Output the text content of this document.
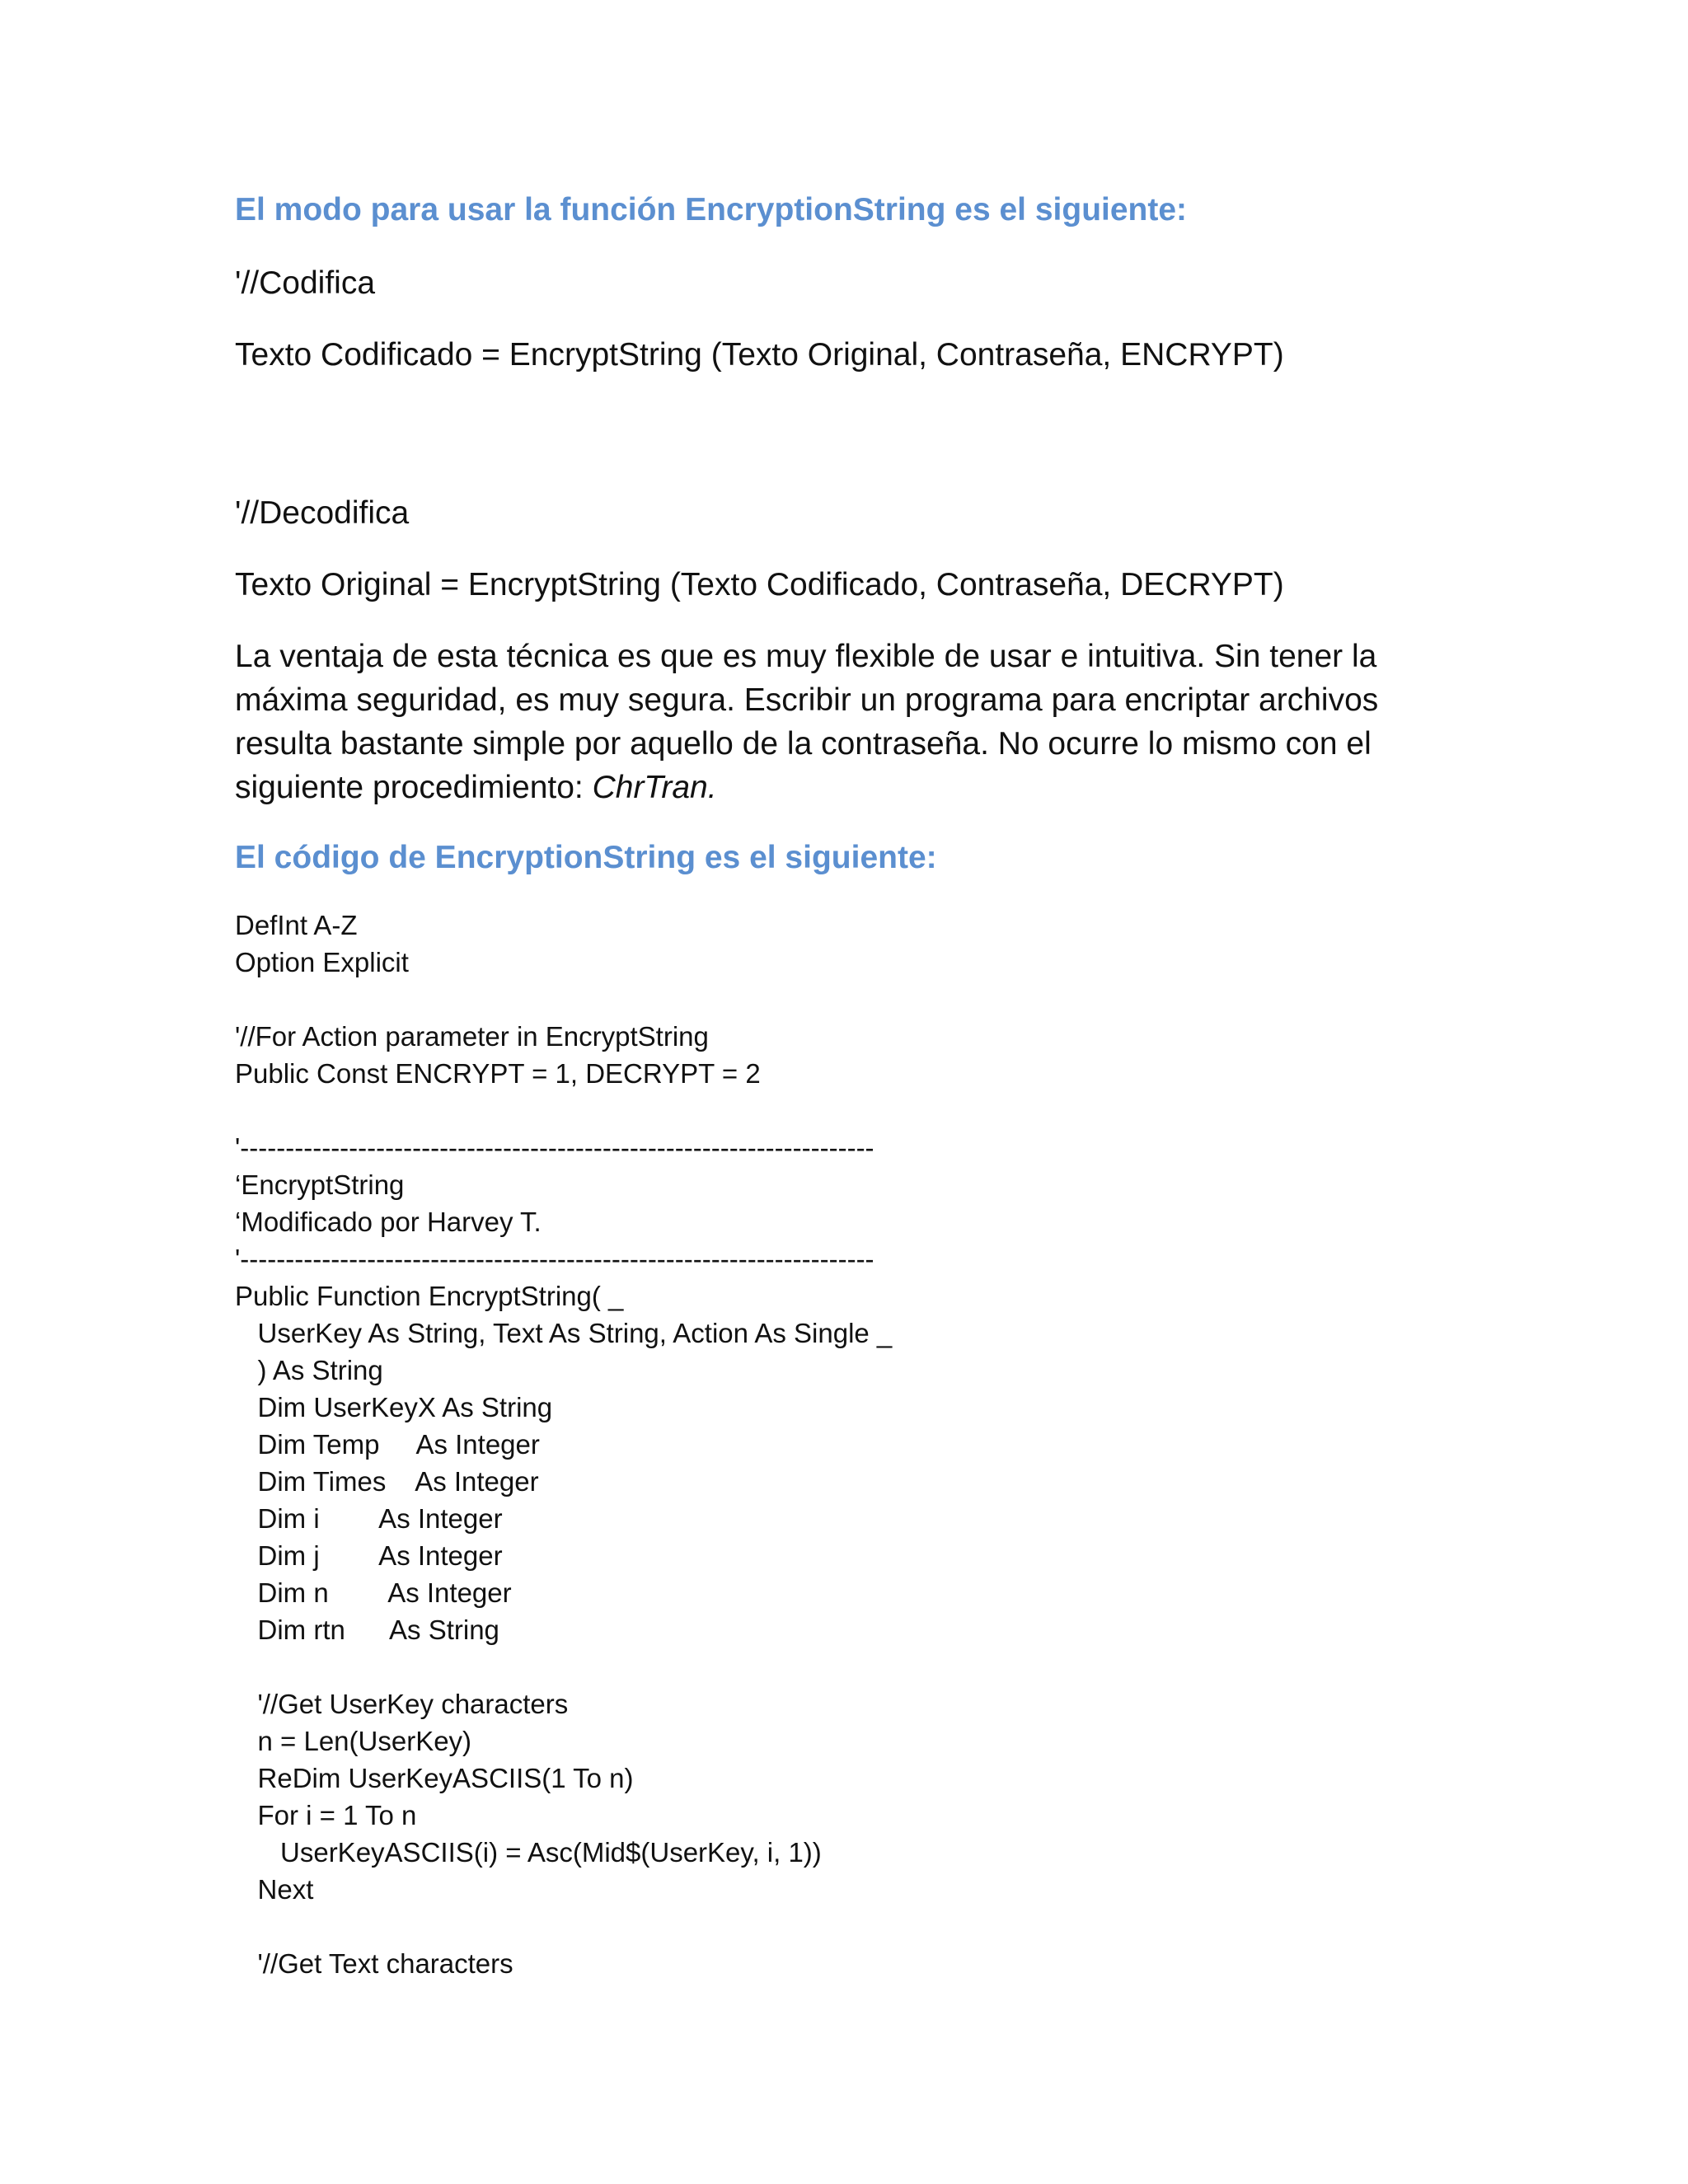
El modo para usar la función EncryptionString es el siguiente:

'//Codifica

Texto Codificado = EncryptString (Texto Original, Contraseña, ENCRYPT)

'//Decodifica

Texto Original = EncryptString (Texto Codificado, Contraseña, DECRYPT)

La ventaja de esta técnica es que es muy flexible de usar e intuitiva. Sin tener la
máxima seguridad, es muy segura. Escribir un programa para encriptar archivos
resulta bastante simple por aquello de la contraseña. No ocurre lo mismo con el
siguiente procedimiento: ChrTran.

El código de EncryptionString es el siguiente:
DefInt A-Z
Option Explicit
'//For Action parameter in EncryptString
Public Const ENCRYPT = 1, DECRYPT = 2
'----------------------------------------------------------------------
‘EncryptString
‘Modificado por Harvey T.
'----------------------------------------------------------------------
Public Function EncryptString( _
UserKey As String, Text As String, Action As Single _
) As String
Dim UserKeyX As String
Dim Temp     As Integer
Dim Times    As Integer
Dim i        As Integer
Dim j        As Integer
Dim n        As Integer
Dim rtn      As String
'//Get UserKey characters
n = Len(UserKey)
ReDim UserKeyASCIIS(1 To n)
For i = 1 To n
UserKeyASCIIS(i) = Asc(Mid$(UserKey, i, 1))
Next
'//Get Text characters
